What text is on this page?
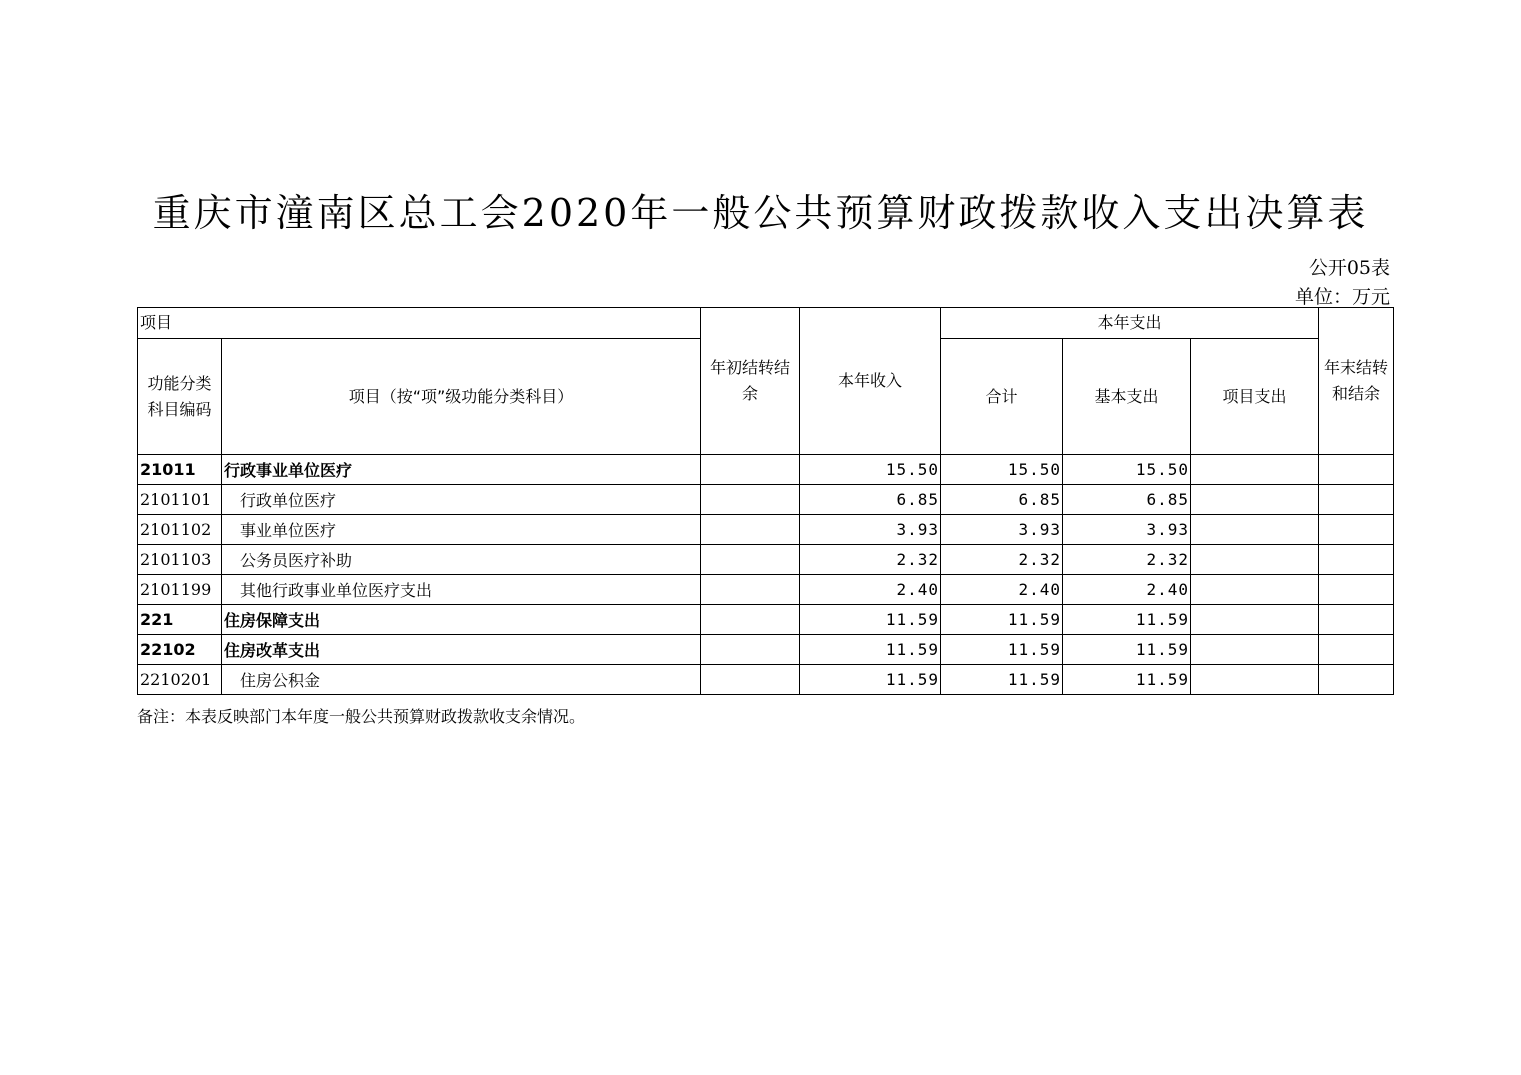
重庆市潼南区总工会2020年一般公共预算财政拨款收入支出决算表
公开05表
单位：万元
项目		年初结转结余	本年收入	本年支出			年末结转和结余
功能分类科目编码	项目（按“项”级功能分类科目）			合计	基本支出	项目支出	
21011	行政事业单位医疗		15.50	15.50	15.50		
2101101	行政单位医疗		6.85	6.85	6.85		
2101102	事业单位医疗		3.93	3.93	3.93		
2101103	公务员医疗补助		2.32	2.32	2.32		
2101199	其他行政事业单位医疗支出		2.40	2.40	2.40		
221	住房保障支出		11.59	11.59	11.59		
22102	住房改革支出		11.59	11.59	11.59		
2210201	住房公积金		11.59	11.59	11.59		
备注：本表反映部门本年度一般公共预算财政拨款收支余情况。
